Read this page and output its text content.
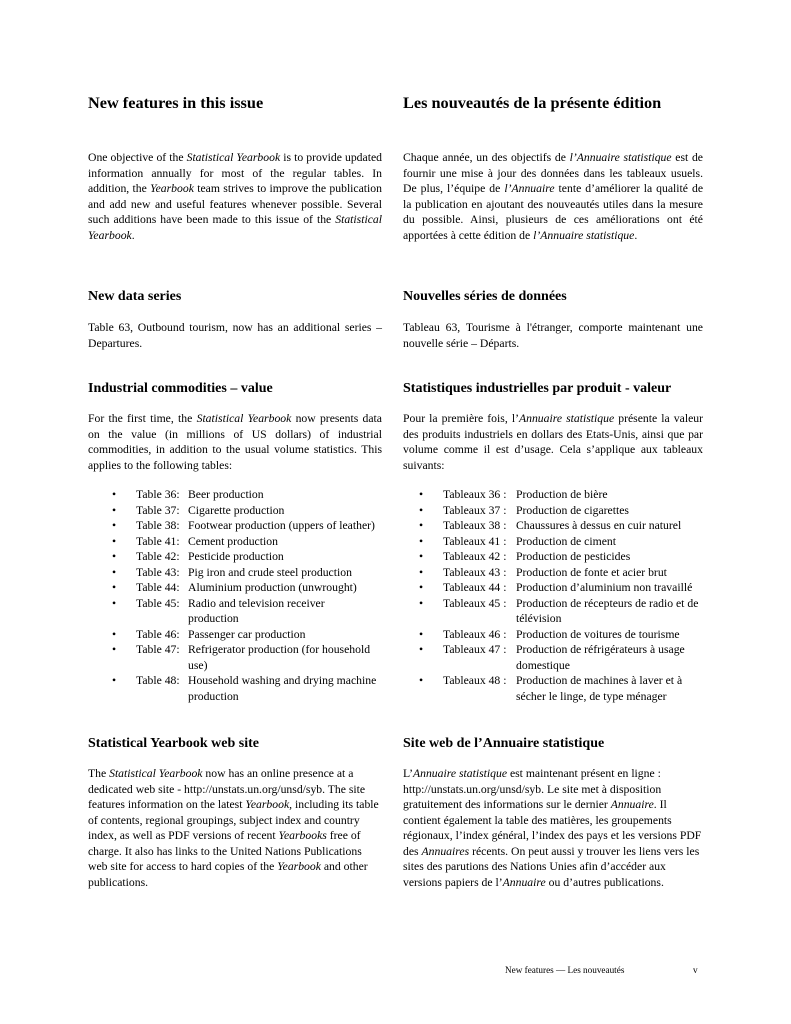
New features in this issue

One objective of the Statistical Yearbook is to provide updated information annually for most of the regular tables. In addition, the Yearbook team strives to improve the publication and add new and useful features whenever possible. Several such additions have been made to this issue of the Statistical Yearbook.

New data series

Table 63, Outbound tourism, now has an additional series – Departures.

Industrial commodities – value

For the first time, the Statistical Yearbook now presents data on the value (in millions of US dollars) of industrial commodities, in addition to the usual volume statistics. This applies to the following tables:

• Table 36: Beer production
• Table 37: Cigarette production
• Table 38: Footwear production (uppers of leather)
• Table 41: Cement production
• Table 42: Pesticide production
• Table 43: Pig iron and crude steel production
• Table 44: Aluminium production (unwrought)
• Table 45: Radio and television receiver production
• Table 46: Passenger car production
• Table 47: Refrigerator production (for household use)
• Table 48: Household washing and drying machine production
Statistical Yearbook web site

The Statistical Yearbook now has an online presence at a dedicated web site - http://unstats.un.org/unsd/syb. The site features information on the latest Yearbook, including its table of contents, regional groupings, subject index and country index, as well as PDF versions of recent Yearbooks free of charge. It also has links to the United Nations Publications web site for access to hard copies of the Yearbook and other publications.

Les nouveautés de la présente édition

Chaque année, un des objectifs de l’Annuaire statistique est de fournir une mise à jour des données dans les tableaux usuels. De plus, l’équipe de l’Annuaire tente d’améliorer la qualité de la publication en ajoutant des nouveautés utiles dans la mesure du possible. Ainsi, plusieurs de ces améliorations ont été apportées à cette édition de l’Annuaire statistique.

Nouvelles séries de données

Tableau 63, Tourisme à l'étranger, comporte maintenant une nouvelle série – Départs.

Statistiques industrielles par produit - valeur

Pour la première fois, l’Annuaire statistique présente la valeur des produits industriels en dollars des Etats-Unis, ainsi que par volume comme il est d’usage. Cela s’applique aux tableaux suivants:

• Tableaux 36 : Production de bière
• Tableaux 37 : Production de cigarettes
• Tableaux 38 : Chaussures à dessus en cuir naturel
• Tableaux 41 : Production de ciment
• Tableaux 42 : Production de pesticides
• Tableaux 43 : Production de fonte et acier brut
• Tableaux 44 : Production d’aluminium non travaillé
• Tableaux 45 : Production de récepteurs de radio et de télévision
• Tableaux 46 : Production de voitures de tourisme
• Tableaux 47 : Production de réfrigérateurs à usage domestique
• Tableaux 48 : Production de machines à laver et à sécher le linge, de type ménager
Site web de l’Annuaire statistique

L’Annuaire statistique est maintenant présent en ligne : http://unstats.un.org/unsd/syb. Le site met à disposition gratuitement des informations sur le dernier Annuaire. Il contient également la table des matières, les groupements régionaux, l’index général, l’index des pays et les versions PDF des Annuaires récents. On peut aussi y trouver les liens vers les sites des parutions des Nations Unies afin d’accéder aux versions papiers de l’Annuaire ou d’autres publications.

New features — Les nouveautés	v
